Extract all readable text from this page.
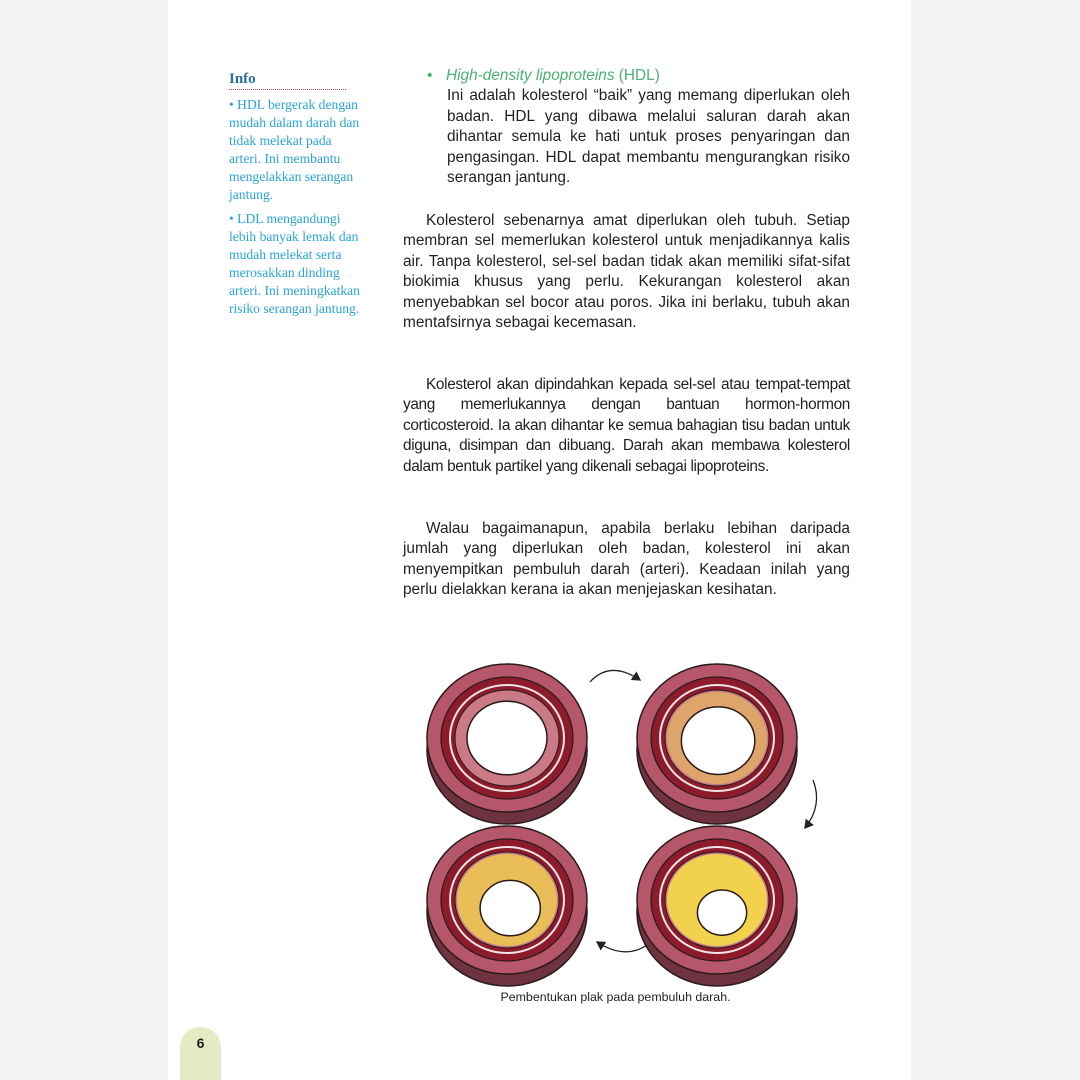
Info
• HDL bergerak dengan mudah dalam darah dan tidak melekat pada arteri. Ini membantu mengelakkan serangan jantung.
• LDL mengandungi lebih banyak lemak dan mudah melekat serta merosakkan dinding arteri. Ini meningkatkan risiko serangan jantung.
• High-density lipoproteins (HDL)
Ini adalah kolesterol “baik” yang memang diperlukan oleh badan. HDL yang dibawa melalui saluran darah akan dihantar semula ke hati untuk proses penyaringan dan pengasingan. HDL dapat membantu mengurangkan risiko serangan jantung.
Kolesterol sebenarnya amat diperlukan oleh tubuh. Setiap membran sel memerlukan kolesterol untuk menjadikannya kalis air. Tanpa kolesterol, sel-sel badan tidak akan memiliki sifat-sifat biokimia khusus yang perlu. Kekurangan kolesterol akan menyebabkan sel bocor atau poros. Jika ini berlaku, tubuh akan mentafsirnya sebagai kecemasan.
Kolesterol akan dipindahkan kepada sel-sel atau tempat-tempat yang memerlukannya dengan bantuan hormon-hormon corticosteroid. Ia akan dihantar ke semua bahagian tisu badan untuk diguna, disimpan dan dibuang. Darah akan membawa kolesterol dalam bentuk partikel yang dikenali sebagai lipoproteins.
Walau bagaimanapun, apabila berlaku lebihan daripada jumlah yang diperlukan oleh badan, kolesterol ini akan menyempitkan pembuluh darah (arteri). Keadaan inilah yang perlu dielakkan kerana ia akan menjejaskan kesihatan.
Pembentukan plak pada pembuluh darah.
6
